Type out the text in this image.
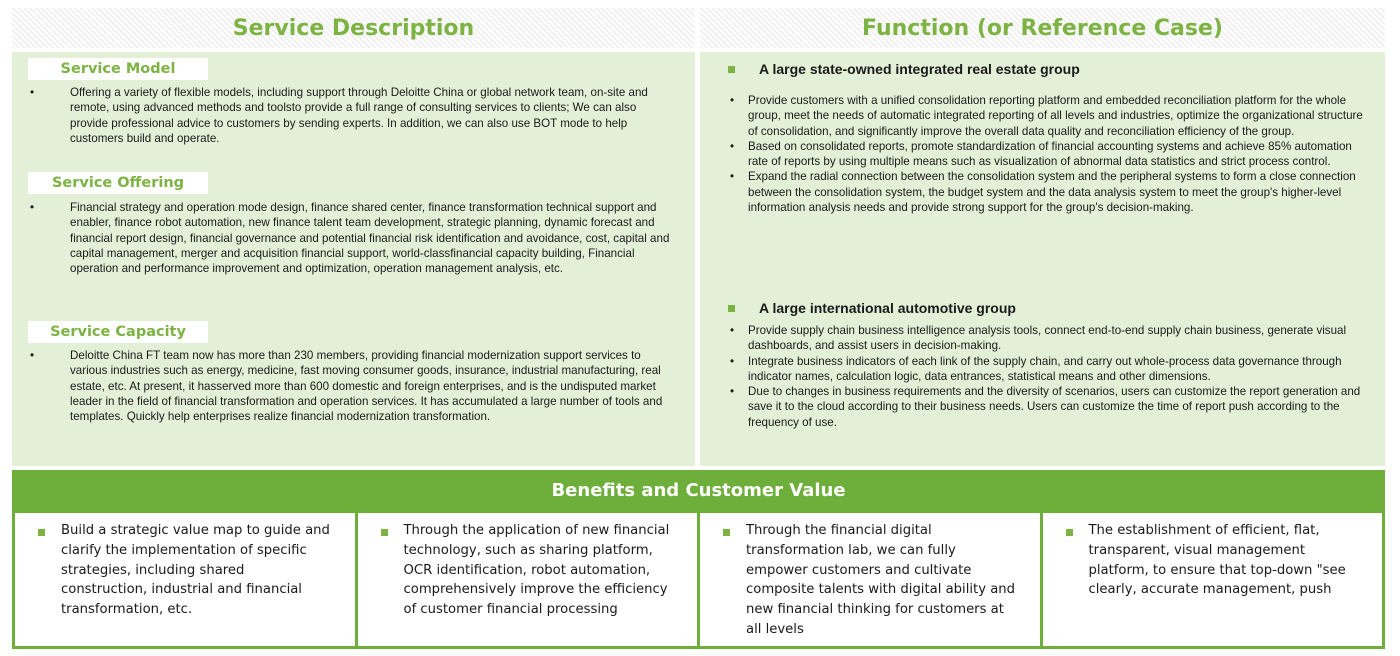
Service Description	Function (or Reference Case)
Service Model
•	Offering a variety of flexible models, including support through Deloitte China or global network team, on-site and remote, using advanced methods and toolsto provide a full range of consulting services to clients; We can also provide professional advice to customers by sending experts. In addition, we can also use BOT mode to help customers build and operate.
Service Offering
•	Financial strategy and operation mode design, finance shared center, finance transformation technical support and enabler, finance robot automation, new finance talent team development, strategic planning, dynamic forecast and financial report design, financial governance and potential financial risk identification and avoidance, cost, capital and capital management, merger and acquisition financial support, world-classfinancial capacity building, Financial operation and performance improvement and optimization, operation management analysis, etc.
Service Capacity
•	Deloitte China FT team now has more than 230 members, providing financial modernization support services to various industries such as energy, medicine, fast moving consumer goods, insurance, industrial manufacturing, real estate, etc. At present, it hasserved more than 600 domestic and foreign enterprises, and is the undisputed market leader in the field of financial transformation and operation services. It has accumulated a large number of tools and templates. Quickly help enterprises realize financial modernization transformation.
A large state-owned integrated real estate group
• Provide customers with a unified consolidation reporting platform and embedded reconciliation platform for the whole group, meet the needs of automatic integrated reporting of all levels and industries, optimize the organizational structure of consolidation, and significantly improve the overall data quality and reconciliation efficiency of the group.
• Based on consolidated reports, promote standardization of financial accounting systems and achieve 85% automation rate of reports by using multiple means such as visualization of abnormal data statistics and strict process control.
• Expand the radial connection between the consolidation system and the peripheral systems to form a close connection between the consolidation system, the budget system and the data analysis system to meet the group's higher-level information analysis needs and provide strong support for the group's decision-making.
A large international automotive group
• Provide supply chain business intelligence analysis tools, connect end-to-end supply chain business, generate visual dashboards, and assist users in decision-making.
• Integrate business indicators of each link of the supply chain, and carry out whole-process data governance through indicator names, calculation logic, data entrances, statistical means and other dimensions.
• Due to changes in business requirements and the diversity of scenarios, users can customize the report generation and save it to the cloud according to their business needs. Users can customize the time of report push according to the frequency of use.
Benefits and Customer Value
Build a strategic value map to guide and clarify the implementation of specific strategies, including shared construction, industrial and financial transformation, etc.
Through the application of new financial technology, such as sharing platform, OCR identification, robot automation, comprehensively improve the efficiency of customer financial processing
Through the financial digital transformation lab, we can fully empower customers and cultivate composite talents with digital ability and new financial thinking for customers at all levels
The establishment of efficient, flat, transparent, visual management platform, to ensure that top-down "see clearly, accurate management, push
